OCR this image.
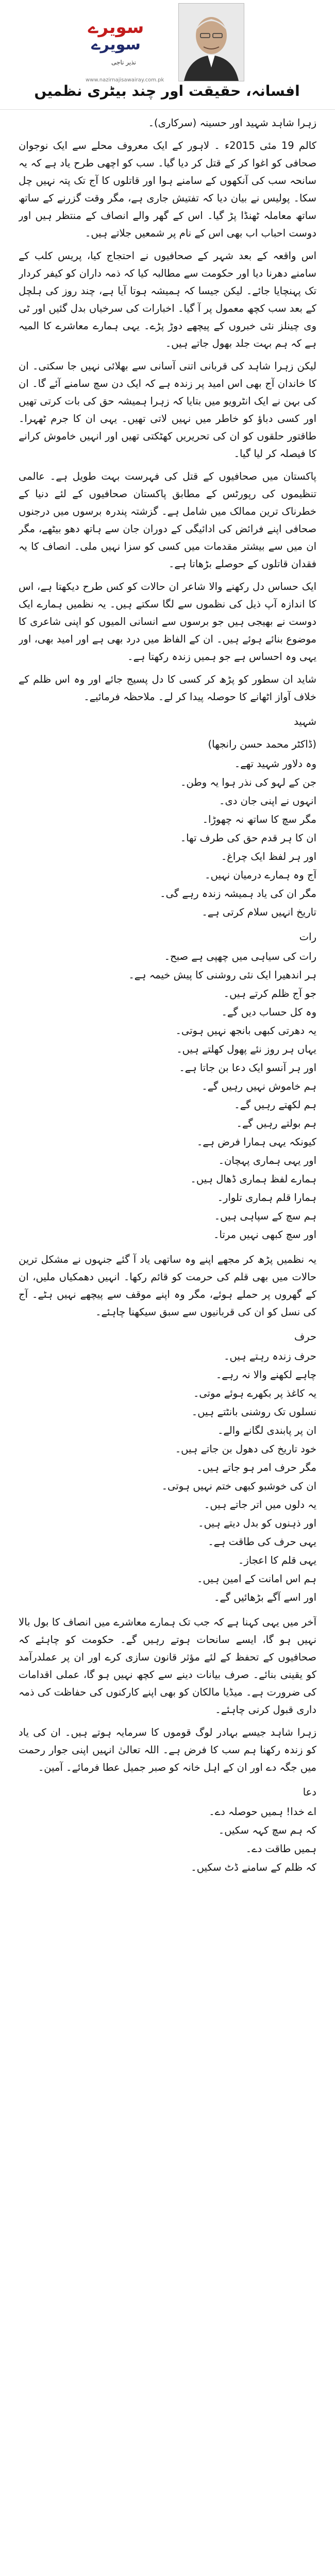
سویرے
سویرے
نذیر ناجی
www.nazirnajisawairay.com.pk
افسانہ، حقیقت اور چند بیٹری نظمیں

زہرا شاہد شہید اور حسینہ (سرکاری)۔

کالم 19 مئی 2015ء ۔ لاہور کے ایک معروف محلے سے ایک نوجوان صحافی کو اغوا کر کے قتل کر دیا گیا۔ سب کو اچھی طرح یاد ہے کہ یہ سانحہ سب کی آنکھوں کے سامنے ہوا اور قاتلوں کا آج تک پتہ نہیں چل سکا۔ پولیس نے بیان دیا کہ تفتیش جاری ہے، مگر وقت گزرنے کے ساتھ ساتھ معاملہ ٹھنڈا پڑ گیا۔ اس کے گھر والے انصاف کے منتظر ہیں اور دوست احباب اب بھی اس کے نام پر شمعیں جلاتے ہیں۔

اس واقعہ کے بعد شہر کے صحافیوں نے احتجاج کیا، پریس کلب کے سامنے دھرنا دیا اور حکومت سے مطالبہ کیا کہ ذمہ داران کو کیفر کردار تک پہنچایا جائے۔ لیکن جیسا کہ ہمیشہ ہوتا آیا ہے، چند روز کی ہلچل کے بعد سب کچھ معمول پر آ گیا۔ اخبارات کی سرخیاں بدل گئیں اور ٹی وی چینلز نئی خبروں کے پیچھے دوڑ پڑے۔ یہی ہمارے معاشرے کا المیہ ہے کہ ہم بہت جلد بھول جاتے ہیں۔

لیکن زہرا شاہد کی قربانی اتنی آسانی سے بھلائی نہیں جا سکتی۔ ان کا خاندان آج بھی اس امید پر زندہ ہے کہ ایک دن سچ سامنے آئے گا۔ ان کی بہن نے ایک انٹرویو میں بتایا کہ زہرا ہمیشہ حق کی بات کرتی تھیں اور کسی دباؤ کو خاطر میں نہیں لاتی تھیں۔ یہی ان کا جرم ٹھہرا۔ طاقتور حلقوں کو ان کی تحریریں کھٹکتی تھیں اور انہیں خاموش کرانے کا فیصلہ کر لیا گیا۔

پاکستان میں صحافیوں کے قتل کی فہرست بہت طویل ہے۔ عالمی تنظیموں کی رپورٹس کے مطابق پاکستان صحافیوں کے لئے دنیا کے خطرناک ترین ممالک میں شامل ہے۔ گزشتہ پندرہ برسوں میں درجنوں صحافی اپنے فرائض کی ادائیگی کے دوران جان سے ہاتھ دھو بیٹھے، مگر ان میں سے بیشتر مقدمات میں کسی کو سزا نہیں ملی۔ انصاف کا یہ فقدان قاتلوں کے حوصلے بڑھاتا ہے۔

ایک حساس دل رکھنے والا شاعر ان حالات کو کس طرح دیکھتا ہے، اس کا اندازہ آپ ذیل کی نظموں سے لگا سکتے ہیں۔ یہ نظمیں ہمارے ایک دوست نے بھیجی ہیں جو برسوں سے انسانی المیوں کو اپنی شاعری کا موضوع بنائے ہوئے ہیں۔ ان کے الفاظ میں درد بھی ہے اور امید بھی، اور یہی وہ احساس ہے جو ہمیں زندہ رکھتا ہے۔

شاید ان سطور کو پڑھ کر کسی کا دل پسیج جائے اور وہ اس ظلم کے خلاف آواز اٹھانے کا حوصلہ پیدا کر لے۔ ملاحظہ فرمائیے۔

شہید
(ڈاکٹر محمد حسن رانجھا)
وہ دلاور شہید تھے۔
جن کے لہو کی نذر ہوا یہ وطن۔
انہوں نے اپنی جان دی۔
مگر سچ کا ساتھ نہ چھوڑا۔
ان کا ہر قدم حق کی طرف تھا۔
اور ہر لفظ ایک چراغ۔
آج وہ ہمارے درمیان نہیں۔
مگر ان کی یاد ہمیشہ زندہ رہے گی۔
تاریخ انہیں سلام کرتی ہے۔
رات
رات کی سیاہی میں چھپی ہے صبح۔
ہر اندھیرا ایک نئی روشنی کا پیش خیمہ ہے۔
جو آج ظلم کرتے ہیں۔
وہ کل حساب دیں گے۔
یہ دھرتی کبھی بانجھ نہیں ہوتی۔
یہاں ہر روز نئے پھول کھلتے ہیں۔
اور ہر آنسو ایک دعا بن جاتا ہے۔
ہم خاموش نہیں رہیں گے۔
ہم لکھتے رہیں گے۔
ہم بولتے رہیں گے۔
کیونکہ یہی ہمارا فرض ہے۔
اور یہی ہماری پہچان۔
ہمارے لفظ ہماری ڈھال ہیں۔
ہمارا قلم ہماری تلوار۔
ہم سچ کے سپاہی ہیں۔
اور سچ کبھی نہیں مرتا۔

یہ نظمیں پڑھ کر مجھے اپنے وہ ساتھی یاد آ گئے جنہوں نے مشکل ترین حالات میں بھی قلم کی حرمت کو قائم رکھا۔ انہیں دھمکیاں ملیں، ان کے گھروں پر حملے ہوئے، مگر وہ اپنے موقف سے پیچھے نہیں ہٹے۔ آج کی نسل کو ان کی قربانیوں سے سبق سیکھنا چاہئے۔

حرف
حرف زندہ رہتے ہیں۔
چاہے لکھنے والا نہ رہے۔
یہ کاغذ پر بکھرے ہوئے موتی۔
نسلوں تک روشنی بانٹتے ہیں۔
ان پر پابندی لگانے والے۔
خود تاریخ کی دھول بن جاتے ہیں۔
مگر حرف امر ہو جاتے ہیں۔
ان کی خوشبو کبھی ختم نہیں ہوتی۔
یہ دلوں میں اتر جاتے ہیں۔
اور ذہنوں کو بدل دیتے ہیں۔
یہی حرف کی طاقت ہے۔
یہی قلم کا اعجاز۔
ہم اس امانت کے امین ہیں۔
اور اسے آگے بڑھائیں گے۔

آخر میں یہی کہنا ہے کہ جب تک ہمارے معاشرے میں انصاف کا بول بالا نہیں ہو گا، ایسے سانحات ہوتے رہیں گے۔ حکومت کو چاہئے کہ صحافیوں کے تحفظ کے لئے مؤثر قانون سازی کرے اور ان پر عملدرآمد کو یقینی بنائے۔ صرف بیانات دینے سے کچھ نہیں ہو گا، عملی اقدامات کی ضرورت ہے۔ میڈیا مالکان کو بھی اپنے کارکنوں کی حفاظت کی ذمہ داری قبول کرنی چاہئے۔

زہرا شاہد جیسے بہادر لوگ قوموں کا سرمایہ ہوتے ہیں۔ ان کی یاد کو زندہ رکھنا ہم سب کا فرض ہے۔ اللہ تعالیٰ انہیں اپنی جوار رحمت میں جگہ دے اور ان کے اہل خانہ کو صبر جمیل عطا فرمائے۔ آمین۔

دعا
اے خدا! ہمیں حوصلہ دے۔
کہ ہم سچ کہہ سکیں۔
ہمیں طاقت دے۔
کہ ظلم کے سامنے ڈٹ سکیں۔
